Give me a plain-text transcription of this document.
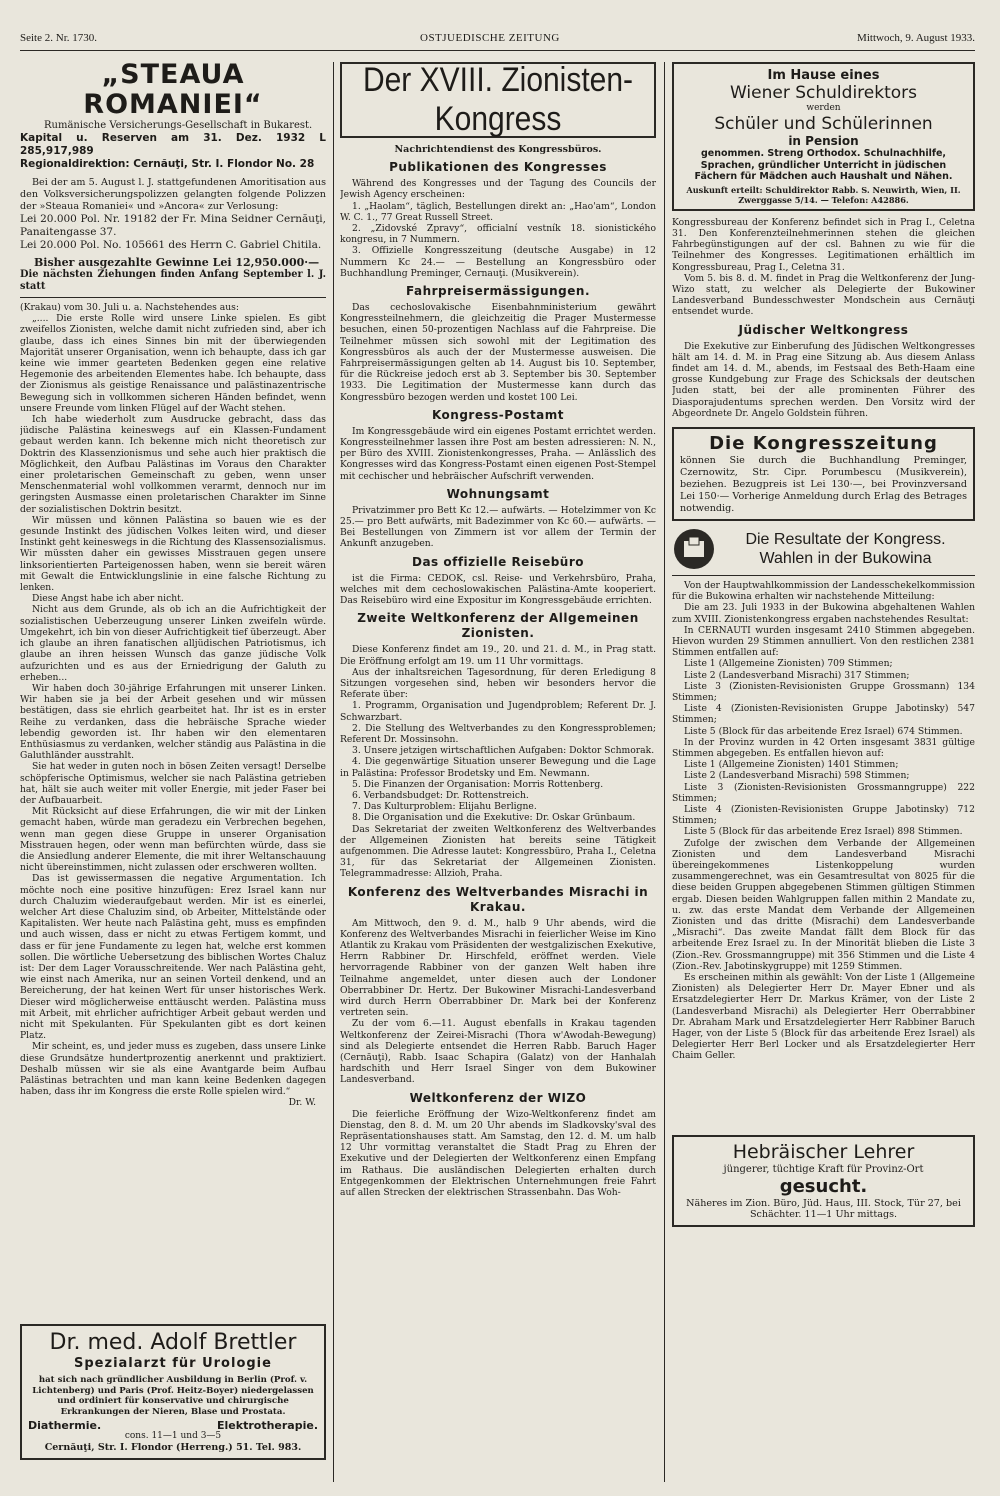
Seite 2. Nr. 1730.	OSTJUEDISCHE ZEITUNG	Mittwoch, 9. August 1933.
„STEAUA ROMANIEI“
Rumänische Versicherungs-Gesellschaft in Bukarest.
Kapital u. Reserven am 31. Dez. 1932 L 285,917,989
Regionaldirektion: Cernăuţi, Str. I. Flondor No. 28

Bei der am 5. August l. J. stattgefundenen Amoritisation aus den Volksversicherungspolizzen gelangten folgende Polizzen der »Steaua Romaniei« und »Ancora« zur Verlosung:

Lei 20.000 Pol. Nr. 19182 der Fr. Mina Seidner Cernăuţi, Panaitengasse 37.

Lei 20.000 Pol. No. 105661 des Herrn C. Gabriel Chitila.

Bisher ausgezahlte Gewinne Lei 12,950.000·—
Die nächsten Ziehungen finden Anfang September l. J. statt

(Krakau) vom 30. Juli u. a. Nachstehendes aus:

„.... Die erste Rolle wird unsere Linke spielen. Es gibt zweifellos Zionisten, welche damit nicht zufrieden sind, aber ich glaube, dass ich eines Sinnes bin mit der überwiegenden Majorität unserer Organisation, wenn ich behaupte, dass ich gar keine wie immer gearteten Bedenken gegen eine relative Hegemonie des arbeitenden Elementes habe. Ich behaupte, dass der Zionismus als geistige Renaissance und palästinazentrische Bewegung sich in vollkommen sicheren Händen befindet, wenn unsere Freunde vom linken Flügel auf der Wacht stehen.

Ich habe wiederholt zum Ausdrucke gebracht, dass das jüdische Palästina keineswegs auf ein Klassen-Fundament gebaut werden kann. Ich bekenne mich nicht theoretisch zur Doktrin des Klassenzionismus und sehe auch hier praktisch die Möglichkeit, den Aufbau Palästinas im Voraus den Charakter einer proletarischen Gemeinschaft zu geben, wenn unser Menschenmaterial wohl vollkommen verarmt, dennoch nur im geringsten Ausmasse einen proletarischen Charakter im Sinne der sozialistischen Doktrin besitzt.

Wir müssen und können Palästina so bauen wie es der gesunde Instinkt des jüdischen Volkes leiten wird, und dieser Instinkt geht keineswegs in die Richtung des Klassensozialismus. Wir müssten daher ein gewisses Misstrauen gegen unsere linksorientierten Parteigenossen haben, wenn sie bereit wären mit Gewalt die Entwicklungslinie in eine falsche Richtung zu lenken.

Diese Angst habe ich aber nicht.

Nicht aus dem Grunde, als ob ich an die Aufrichtigkeit der sozialistischen Ueberzeugung unserer Linken zweifeln würde. Umgekehrt, ich bin von dieser Aufrichtigkeit tief überzeugt. Aber ich glaube an ihren fanatischen alljüdischen Patriotismus, ich glaube an ihren heissen Wunsch das ganze jüdische Volk aufzurichten und es aus der Erniedrigung der Galuth zu erheben...

Wir haben doch 30-jährige Erfahrungen mit unserer Linken. Wir haben sie ja bei der Arbeit gesehen und wir müssen bestätigen, dass sie ehrlich gearbeitet hat. Ihr ist es in erster Reihe zu verdanken, dass die hebräische Sprache wieder lebendig geworden ist. Ihr haben wir den elementaren Enthüsiasmus zu verdanken, welcher ständig aus Palästina in die Galuthländer ausstrahlt.

Sie hat weder in guten noch in bösen Zeiten versagt! Derselbe schöpferische Optimismus, welcher sie nach Palästina getrieben hat, hält sie auch weiter mit voller Energie, mit jeder Faser bei der Aufbauarbeit.

Mit Rücksicht auf diese Erfahrungen, die wir mit der Linken gemacht haben, würde man geradezu ein Verbrechen begehen, wenn man gegen diese Gruppe in unserer Organisation Misstrauen hegen, oder wenn man befürchten würde, dass sie die Ansiedlung anderer Elemente, die mit ihrer Weltanschauung nicht übereinstimmen, nicht zulassen oder erschweren wollten.

Das ist gewissermassen die negative Argumentation. Ich möchte noch eine positive hinzufügen: Erez Israel kann nur durch Chaluzim wiederaufgebaut werden. Mir ist es einerlei, welcher Art diese Chaluzim sind, ob Arbeiter, Mittelstände oder Kapitalisten. Wer heute nach Palästina geht, muss es empfinden und auch wissen, dass er nicht zu etwas Fertigem kommt, und dass er für jene Fundamente zu legen hat, welche erst kommen sollen. Die wörtliche Uebersetzung des biblischen Wortes Chaluz ist: Der dem Lager Vorausschreitende. Wer nach Palästina geht, wie einst nach Amerika, nur an seinen Vorteil denkend, und an Bereicherung, der hat keinen Wert für unser historisches Werk. Dieser wird möglicherweise enttäuscht werden. Palästina muss mit Arbeit, mit ehrlicher aufrichtiger Arbeit gebaut werden und nicht mit Spekulanten. Für Spekulanten gibt es dort keinen Platz.

Mir scheint, es, und jeder muss es zugeben, dass unsere Linke diese Grundsätze hundertprozentig anerkennt und praktiziert. Deshalb müssen wir sie als eine Avantgarde beim Aufbau Palästinas betrachten und man kann keine Bedenken dagegen haben, dass ihr im Kongress die erste Rolle spielen wird.“

Dr. W.

Dr. med. Adolf Brettler
Spezialarzt für Urologie
hat sich nach gründlicher Ausbildung in Berlin (Prof. v. Lichtenberg) und Paris (Prof. Heitz-Boyer) niedergelassen und ordiniert für konservative und chirurgische Erkrankungen der Nieren, Blase und Prostata.
Diathermie.	Elektrotherapie.
cons. 11—1 und 3—5
Cernăuţi, Str. I. Flondor (Herreng.) 51. Tel. 983.
Der XVIII. Zionisten-Kongress
Nachrichtendienst des Kongressbüros.
Publikationen des Kongresses

Während des Kongresses und der Tagung des Councils der Jewish Agency erscheinen:

1. „Haolam“, täglich, Bestellungen direkt an: „Hao'am“, London W. C. 1., 77 Great Russell Street.

2. „Zidovské Zpravy“, officialní vestník 18. sionistického kongresu, in 7 Nummern.

3. Offizielle Kongresszeitung (deutsche Ausgabe) in 12 Nummern Kc 24.— — Bestellung an Kongressbüro oder Buchhandlung Preminger, Cernauţi. (Musikverein).

Fahrpreisermässigungen.

Das cechoslovakische Eisenbahnministerium gewährt Kongressteilnehmern, die gleichzeitig die Prager Mustermesse besuchen, einen 50-prozentigen Nachlass auf die Fahrpreise. Die Teilnehmer müssen sich sowohl mit der Legitimation des Kongressbüros als auch der der Mustermesse ausweisen. Die Fahrpreisermässigungen gelten ab 14. August bis 10. September, für die Rückreise jedoch erst ab 3. September bis 30. September 1933. Die Legitimation der Mustermesse kann durch das Kongressbüro bezogen werden und kostet 100 Lei.

Kongress-Postamt

Im Kongressgebäude wird ein eigenes Postamt errichtet werden. Kongressteilnehmer lassen ihre Post am besten adressieren: N. N., per Büro des XVIII. Zionistenkongresses, Praha. — Anlässlich des Kongresses wird das Kongress-Postamt einen eigenen Post-Stempel mit cechischer und hebräischer Aufschrift verwenden.

Wohnungsamt

Privatzimmer pro Bett Kc 12.— aufwärts. — Hotelzimmer von Kc 25.— pro Bett aufwärts, mit Badezimmer von Kc 60.— aufwärts. — Bei Bestellungen von Zimmern ist vor allem der Termin der Ankunft anzugeben.

Das offizielle Reisebüro

ist die Firma: CEDOK, csl. Reise- und Verkehrsbüro, Praha, welches mit dem cechoslowakischen Palästina-Amte kooperiert. Das Reisebüro wird eine Expositur im Kongressgebäude errichten.

Zweite Weltkonferenz der Allgemeinen Zionisten.

Diese Konferenz findet am 19., 20. und 21. d. M., in Prag statt. Die Eröffnung erfolgt am 19. um 11 Uhr vormittags.

Aus der inhaltsreichen Tagesordnung, für deren Erledigung 8 Sitzungen vorgesehen sind, heben wir besonders hervor die Referate über:

1. Programm, Organisation und Jugendproblem; Referent Dr. J. Schwarzbart.

2. Die Stellung des Weltverbandes zu den Kongressproblemen; Referent Dr. Mossinsohn.

3. Unsere jetzigen wirtschaftlichen Aufgaben: Doktor Schmorak.

4. Die gegenwärtige Situation unserer Bewegung und die Lage in Palästina: Professor Brodetsky und Em. Newmann.

5. Die Finanzen der Organisation: Morris Rottenberg.

6. Verbandsbudget: Dr. Rottenstreich.

7. Das Kulturproblem: Elijahu Berligne.

8. Die Organisation und die Exekutive: Dr. Oskar Grünbaum.

Das Sekretariat der zweiten Weltkonferenz des Weltverbandes der Allgemeinen Zionisten hat bereits seine Tätigkeit aufgenommen. Die Adresse lautet: Kongressbüro, Praha I., Celetna 31, für das Sekretariat der Allgemeinen Zionisten. Telegrammadresse: Allzioh, Praha.

Konferenz des Weltverbandes Misrachi in Krakau.

Am Mittwoch, den 9. d. M., halb 9 Uhr abends, wird die Konferenz des Weltverbandes Misrachi in feierlicher Weise im Kino Atlantik zu Krakau vom Präsidenten der westgalizischen Exekutive, Herrn Rabbiner Dr. Hirschfeld, eröffnet werden. Viele hervorragende Rabbiner von der ganzen Welt haben ihre Teilnahme angemeldet, unter diesen auch der Londoner Oberrabbiner Dr. Hertz. Der Bukowiner Misrachi-Landesverband wird durch Herrn Oberrabbiner Dr. Mark bei der Konferenz vertreten sein.

Zu der vom 6.—11. August ebenfalls in Krakau tagenden Weltkonferenz der Zeirei-Misrachi (Thora w'Awodah-Bewegung) sind als Delegierte entsendet die Herren Rabb. Baruch Hager (Cernăuţi), Rabb. Isaac Schapira (Galatz) von der Hanhalah hardschith und Herr Israel Singer von dem Bukowiner Landesverband.

Weltkonferenz der WIZO

Die feierliche Eröffnung der Wizo-Weltkonferenz findet am Dienstag, den 8. d. M. um 20 Uhr abends im Sladkovsky'sval des Repräsentationshauses statt. Am Samstag, den 12. d. M. um halb 12 Uhr vormittag veranstaltet die Stadt Prag zu Ehren der Exekutive und der Delegierten der Weltkonferenz einen Empfang im Rathaus. Die ausländischen Delegierten erhalten durch Entgegenkommen der Elektrischen Unternehmungen freie Fahrt auf allen Strecken der elektrischen Strassenbahn. Das Woh-

Im Hause eines
Wiener Schuldirektors
werden
Schüler und Schülerinnen
in Pension
genommen. Streng Orthodox. Schulnachhilfe, Sprachen, gründlicher Unterricht in jüdischen Fächern für Mädchen auch Haushalt und Nähen.
Auskunft erteilt: Schuldirektor Rabb. S. Neuwirth, Wien, II. Zwerggasse 5/14. — Telefon: A42886.

Kongressbureau der Konferenz befindet sich in Prag I., Celetna 31. Den Konferenzteilnehmerinnen stehen die gleichen Fahrbegünstigungen auf der csl. Bahnen zu wie für die Teilnehmer des Kongresses. Legitimationen erhältlich im Kongressbureau, Prag I., Celetna 31.

Vom 5. bis 8. d. M. findet in Prag die Weltkonferenz der Jung-Wizo statt, zu welcher als Delegierte der Bukowiner Landesverband Bundesschwester Mondschein aus Cernăuţi entsendet wurde.

Jüdischer Weltkongress

Die Exekutive zur Einberufung des Jüdischen Weltkongresses hält am 14. d. M. in Prag eine Sitzung ab. Aus diesem Anlass findet am 14. d. M., abends, im Festsaal des Beth-Haam eine grosse Kundgebung zur Frage des Schicksals der deutschen Juden statt, bei der alle prominenten Führer des Diasporajudentums sprechen werden. Den Vorsitz wird der Abgeordnete Dr. Angelo Goldstein führen.

Die Kongresszeitung
können Sie durch die Buchhandlung Preminger, Czernowitz, Str. Cipr. Porumbescu (Musikverein), beziehen. Bezugpreis ist Lei 130·—, bei Provinzversand Lei 150·— Vorherige Anmeldung durch Erlag des Betrages notwendig.
Die Resultate der Kongress.
Wahlen in der Bukowina

Von der Hauptwahlkommission der Landesschekelkommission für die Bukowina erhalten wir nachstehende Mitteilung:

Die am 23. Juli 1933 in der Bukowina abgehaltenen Wahlen zum XVIII. Zionistenkongress ergaben nachstehendes Resultat:

In CERNAUTI wurden insgesamt 2410 Stimmen abgegeben. Hievon wurden 29 Stimmen annulliert. Von den restlichen 2381 Stimmen entfallen auf:

Liste 1 (Allgemeine Zionisten) 709 Stimmen;

Liste 2 (Landesverband Misrachi) 317 Stimmen;

Liste 3 (Zionisten-Revisionisten Gruppe Grossmann) 134 Stimmen;

Liste 4 (Zionisten-Revisionisten Gruppe Jabotinsky) 547 Stimmen;

Liste 5 (Block für das arbeitende Erez Israel) 674 Stimmen.

In der Provinz wurden in 42 Orten insgesamt 3831 gültige Stimmen abgegeben. Es entfallen hievon auf:

Liste 1 (Allgemeine Zionisten) 1401 Stimmen;

Liste 2 (Landesverband Misrachi) 598 Stimmen;

Liste 3 (Zionisten-Revisionisten Grossmanngruppe) 222 Stimmen;

Liste 4 (Zionisten-Revisionisten Gruppe Jabotinsky) 712 Stimmen;

Liste 5 (Block für das arbeitende Erez Israel) 898 Stimmen.

Zufolge der zwischen dem Verbande der Allgemeinen Zionisten und dem Landesverband Misrachi übereingekommenes Listenkoppelung wurden zusammengerechnet, was ein Gesamtresultat von 8025 für die diese beiden Gruppen abgegebenen Stimmen gültigen Stimmen ergab. Diesen beiden Wahlgruppen fallen mithin 2 Mandate zu, u. zw. das erste Mandat dem Verbande der Allgemeinen Zionisten und das dritte (Misrachi) dem Landesverbande „Misrachi“. Das zweite Mandat fällt dem Block für das arbeitende Erez Israel zu. In der Minorität blieben die Liste 3 (Zion.-Rev. Grossmanngruppe) mit 356 Stimmen und die Liste 4 (Zion.-Rev. Jabotinskygruppe) mit 1259 Stimmen.

Es erscheinen mithin als gewählt: Von der Liste 1 (Allgemeine Zionisten) als Delegierter Herr Dr. Mayer Ebner und als Ersatzdelegierter Herr Dr. Markus Krämer, von der Liste 2 (Landesverband Misrachi) als Delegierter Herr Oberrabbiner Dr. Abraham Mark und Ersatzdelegierter Herr Rabbiner Baruch Hager, von der Liste 5 (Block für das arbeitende Erez Israel) als Delegierter Herr Berl Locker und als Ersatzdelegierter Herr Chaim Geller.

Hebräischer Lehrer
jüngerer, tüchtige Kraft für Provinz-Ort
gesucht.
Näheres im Zion. Büro, Jüd. Haus, III. Stock, Tür 27, bei Schächter. 11—1 Uhr mittags.
